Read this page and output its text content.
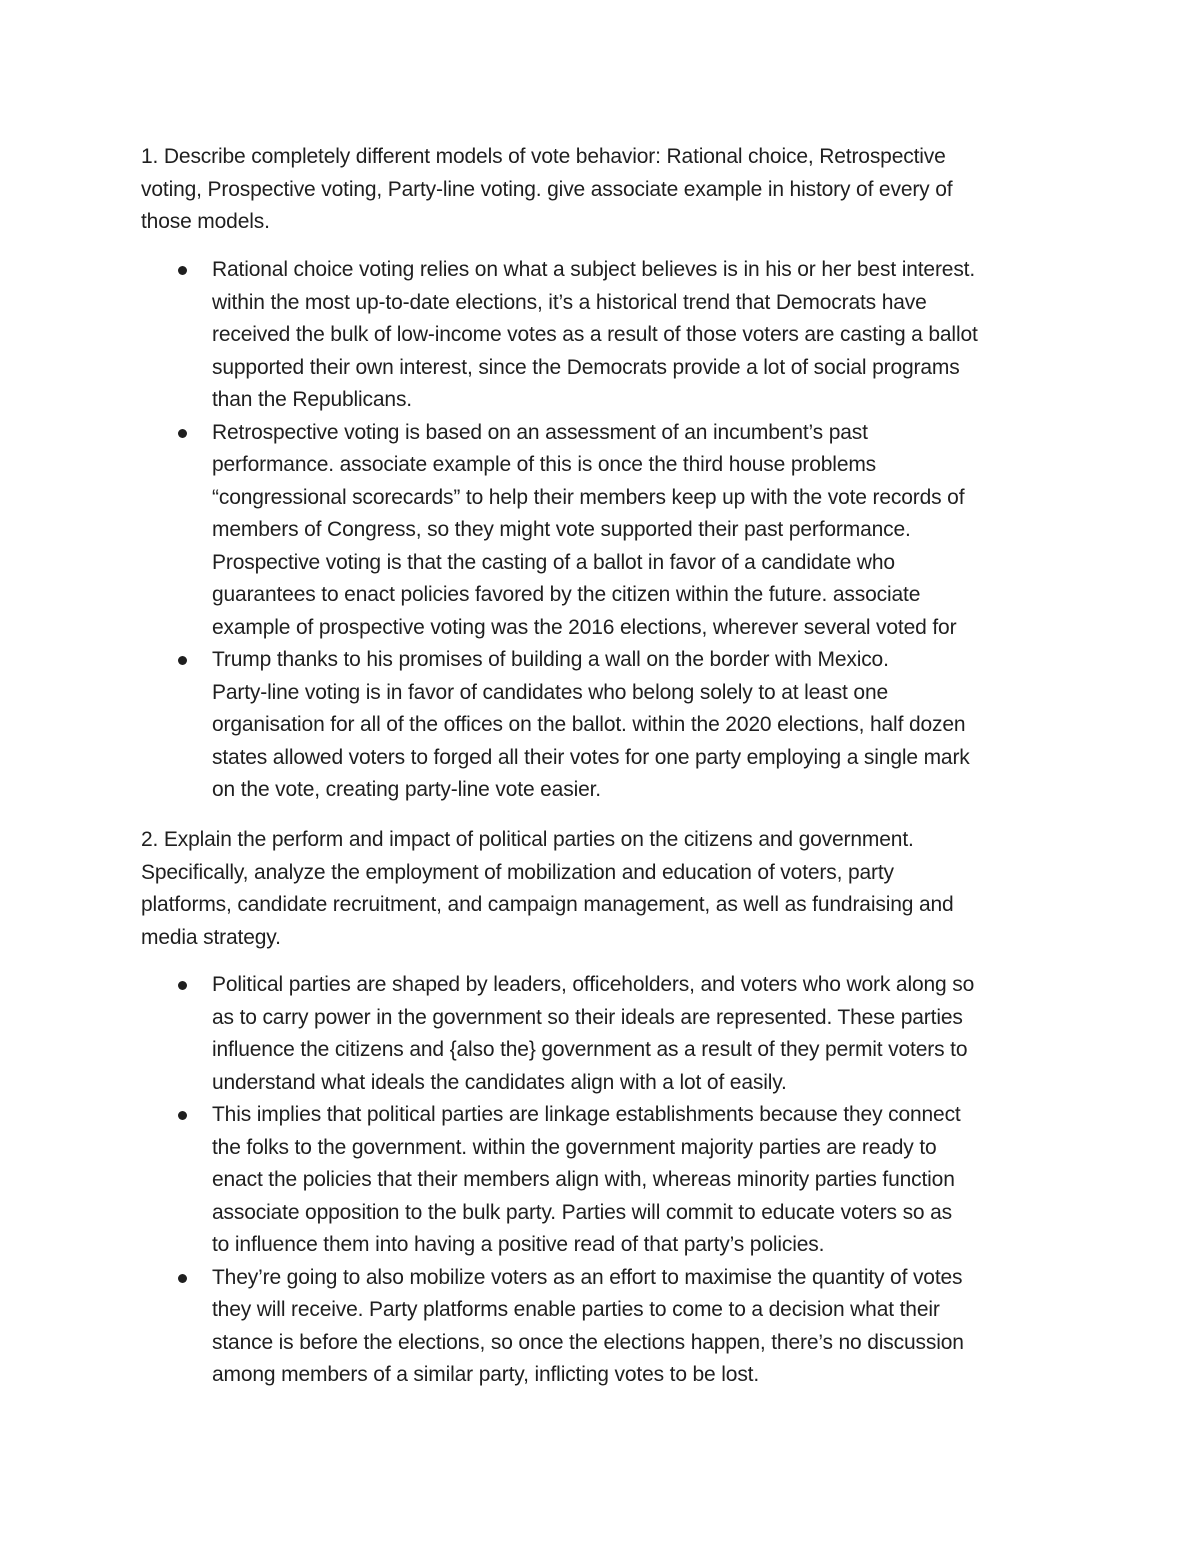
1. Describe completely different models of vote behavior: Rational choice, Retrospective
voting, Prospective voting, Party-line voting. give associate example in history of every of
those models.
Rational choice voting relies on what a subject believes is in his or her best interest.
within the most up-to-date elections, it’s a historical trend that Democrats have
received the bulk of low-income votes as a result of those voters are casting a ballot
supported their own interest, since the Democrats provide a lot of social programs
than the Republicans.
Retrospective voting is based on an assessment of an incumbent’s past
performance. associate example of this is once the third house problems
“congressional scorecards” to help their members keep up with the vote records of
members of Congress, so they might vote supported their past performance.
Prospective voting is that the casting of a ballot in favor of a candidate who
guarantees to enact policies favored by the citizen within the future. associate
example of prospective voting was the 2016 elections, wherever several voted for
Trump thanks to his promises of building a wall on the border with Mexico.
Party-line voting is in favor of candidates who belong solely to at least one
organisation for all of the offices on the ballot. within the 2020 elections, half dozen
states allowed voters to forged all their votes for one party employing a single mark
on the vote, creating party-line vote easier.
2. Explain the perform and impact of political parties on the citizens and government.
Specifically, analyze the employment of mobilization and education of voters, party
platforms, candidate recruitment, and campaign management, as well as fundraising and
media strategy.
Political parties are shaped by leaders, officeholders, and voters who work along so
as to carry power in the government so their ideals are represented. These parties
influence the citizens and {also the} government as a result of they permit voters to
understand what ideals the candidates align with a lot of easily.
This implies that political parties are linkage establishments because they connect
the folks to the government. within the government majority parties are ready to
enact the policies that their members align with, whereas minority parties function
associate opposition to the bulk party. Parties will commit to educate voters so as
to influence them into having a positive read of that party’s policies.
They’re going to also mobilize voters as an effort to maximise the quantity of votes
they will receive. Party platforms enable parties to come to a decision what their
stance is before the elections, so once the elections happen, there’s no discussion
among members of a similar party, inflicting votes to be lost.
